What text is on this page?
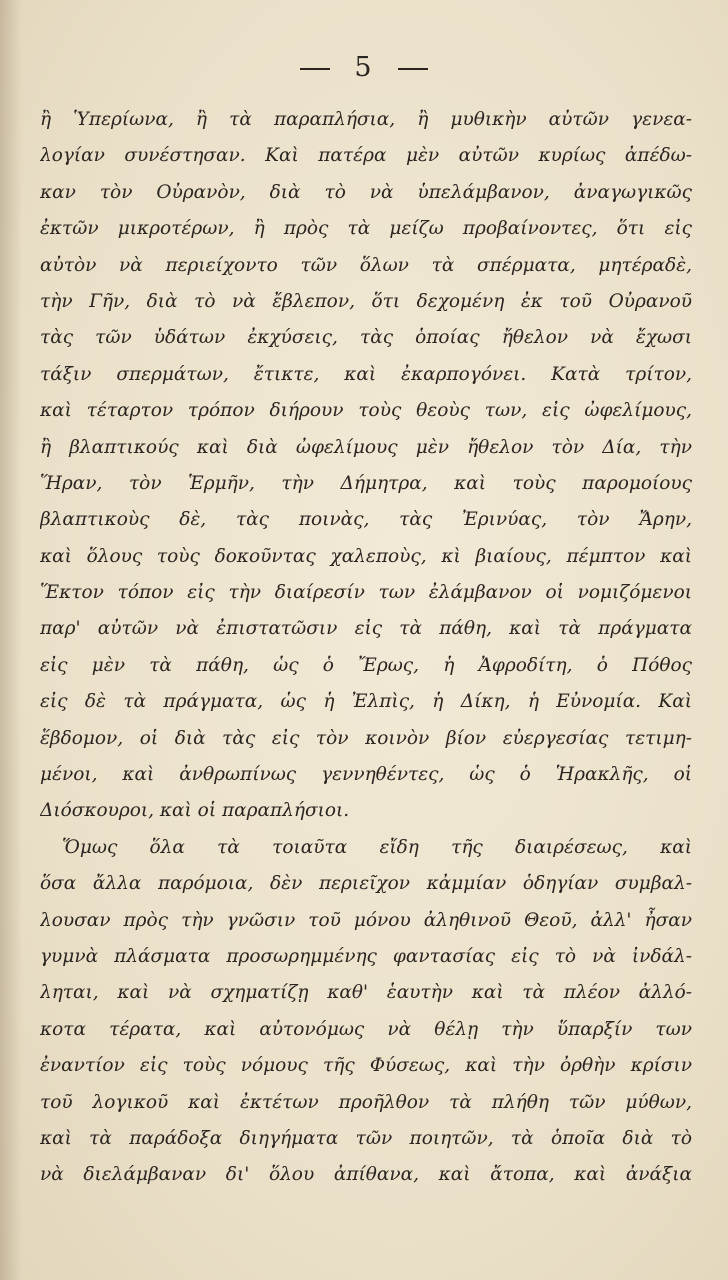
5
ἢ Ὑπερίωνα, ἢ τὰ παραπλήσια, ἢ μυθικὴν αὐτῶν γενεα-
λογίαν συνέστησαν. Καὶ πατέρα μὲν αὐτῶν κυρίως ἀπέδω-
καν τὸν Οὐρανὸν, διὰ τὸ νὰ ὑπελάμβανον, ἀναγωγικῶς
ἐκτῶν μικροτέρων, ἢ πρὸς τὰ μείζω προβαίνοντες, ὅτι εἰς
αὐτὸν νὰ περιείχοντο τῶν ὅλων τὰ σπέρματα, μητέραδὲ,
τὴν Γῆν, διὰ τὸ νὰ ἔβλεπον, ὅτι δεχομένη ἐκ τοῦ Οὐρανοῦ
τὰς τῶν ὑδάτων ἐκχύσεις, τὰς ὁποίας ἤθελον νὰ ἔχωσι
τάξιν σπερμάτων, ἔτικτε, καὶ ἐκαρπογόνει. Κατὰ τρίτον,
καὶ τέταρτον τρόπον διήρουν τοὺς θεοὺς των, εἰς ὠφελίμους,
ἢ βλαπτικούς καὶ διὰ ὠφελίμους μὲν ἤθελον τὸν Δία, τὴν
Ἥραν, τὸν Ἑρμῆν, τὴν Δήμητρα, καὶ τοὺς παρομοίους
βλαπτικοὺς δὲ, τὰς ποινὰς, τὰς Ἐρινύας, τὸν Ἄρην,
καὶ ὅλους τοὺς δοκοῦντας χαλεποὺς, κὶ βιαίους, πέμπτον καὶ
Ἕκτον τόπον εἰς τὴν διαίρεσίν των ἐλάμβανον οἱ νομιζόμενοι
παρ' αὐτῶν νὰ ἐπιστατῶσιν εἰς τὰ πάθη, καὶ τὰ πράγματα
εἰς μὲν τὰ πάθη, ὡς ὁ Ἔρως, ἡ Ἀφροδίτη, ὁ Πόθος
εἰς δὲ τὰ πράγματα, ὡς ἡ Ἐλπὶς, ἡ Δίκη, ἡ Εὐνομία. Καὶ
ἕβδομον, οἱ διὰ τὰς εἰς τὸν κοινὸν βίον εὐεργεσίας τετιμη-
μένοι, καὶ ἀνθρωπίνως γεννηθέντες, ὡς ὁ Ἡρακλῆς, οἱ
Διόσκουροι, καὶ οἱ παραπλήσιοι.
Ὅμως ὅλα τὰ τοιαῦτα εἴδη τῆς διαιρέσεως, καὶ
ὅσα ἄλλα παρόμοια, δὲν περιεῖχον κἀμμίαν ὁδηγίαν συμβαλ-
λουσαν πρὸς τὴν γνῶσιν τοῦ μόνου ἀληθινοῦ Θεοῦ, ἀλλ' ἦσαν
γυμνὰ πλάσματα προσωρημμένης φαντασίας εἰς τὸ νὰ ἰνδάλ-
ληται, καὶ νὰ σχηματίζῃ καθ' ἑαυτὴν καὶ τὰ πλέον ἀλλό-
κοτα τέρατα, καὶ αὐτονόμως νὰ θέλῃ τὴν ὕπαρξίν των
ἐναντίον εἰς τοὺς νόμους τῆς Φύσεως, καὶ τὴν ὀρθὴν κρίσιν
τοῦ λογικοῦ καὶ ἐκτέτων προῆλθον τὰ πλήθη τῶν μύθων,
καὶ τὰ παράδοξα διηγήματα τῶν ποιητῶν, τὰ ὁποῖα διὰ τὸ
νὰ διελάμβαναν δι' ὅλου ἀπίθανα, καὶ ἄτοπα, καὶ ἀνάξια
